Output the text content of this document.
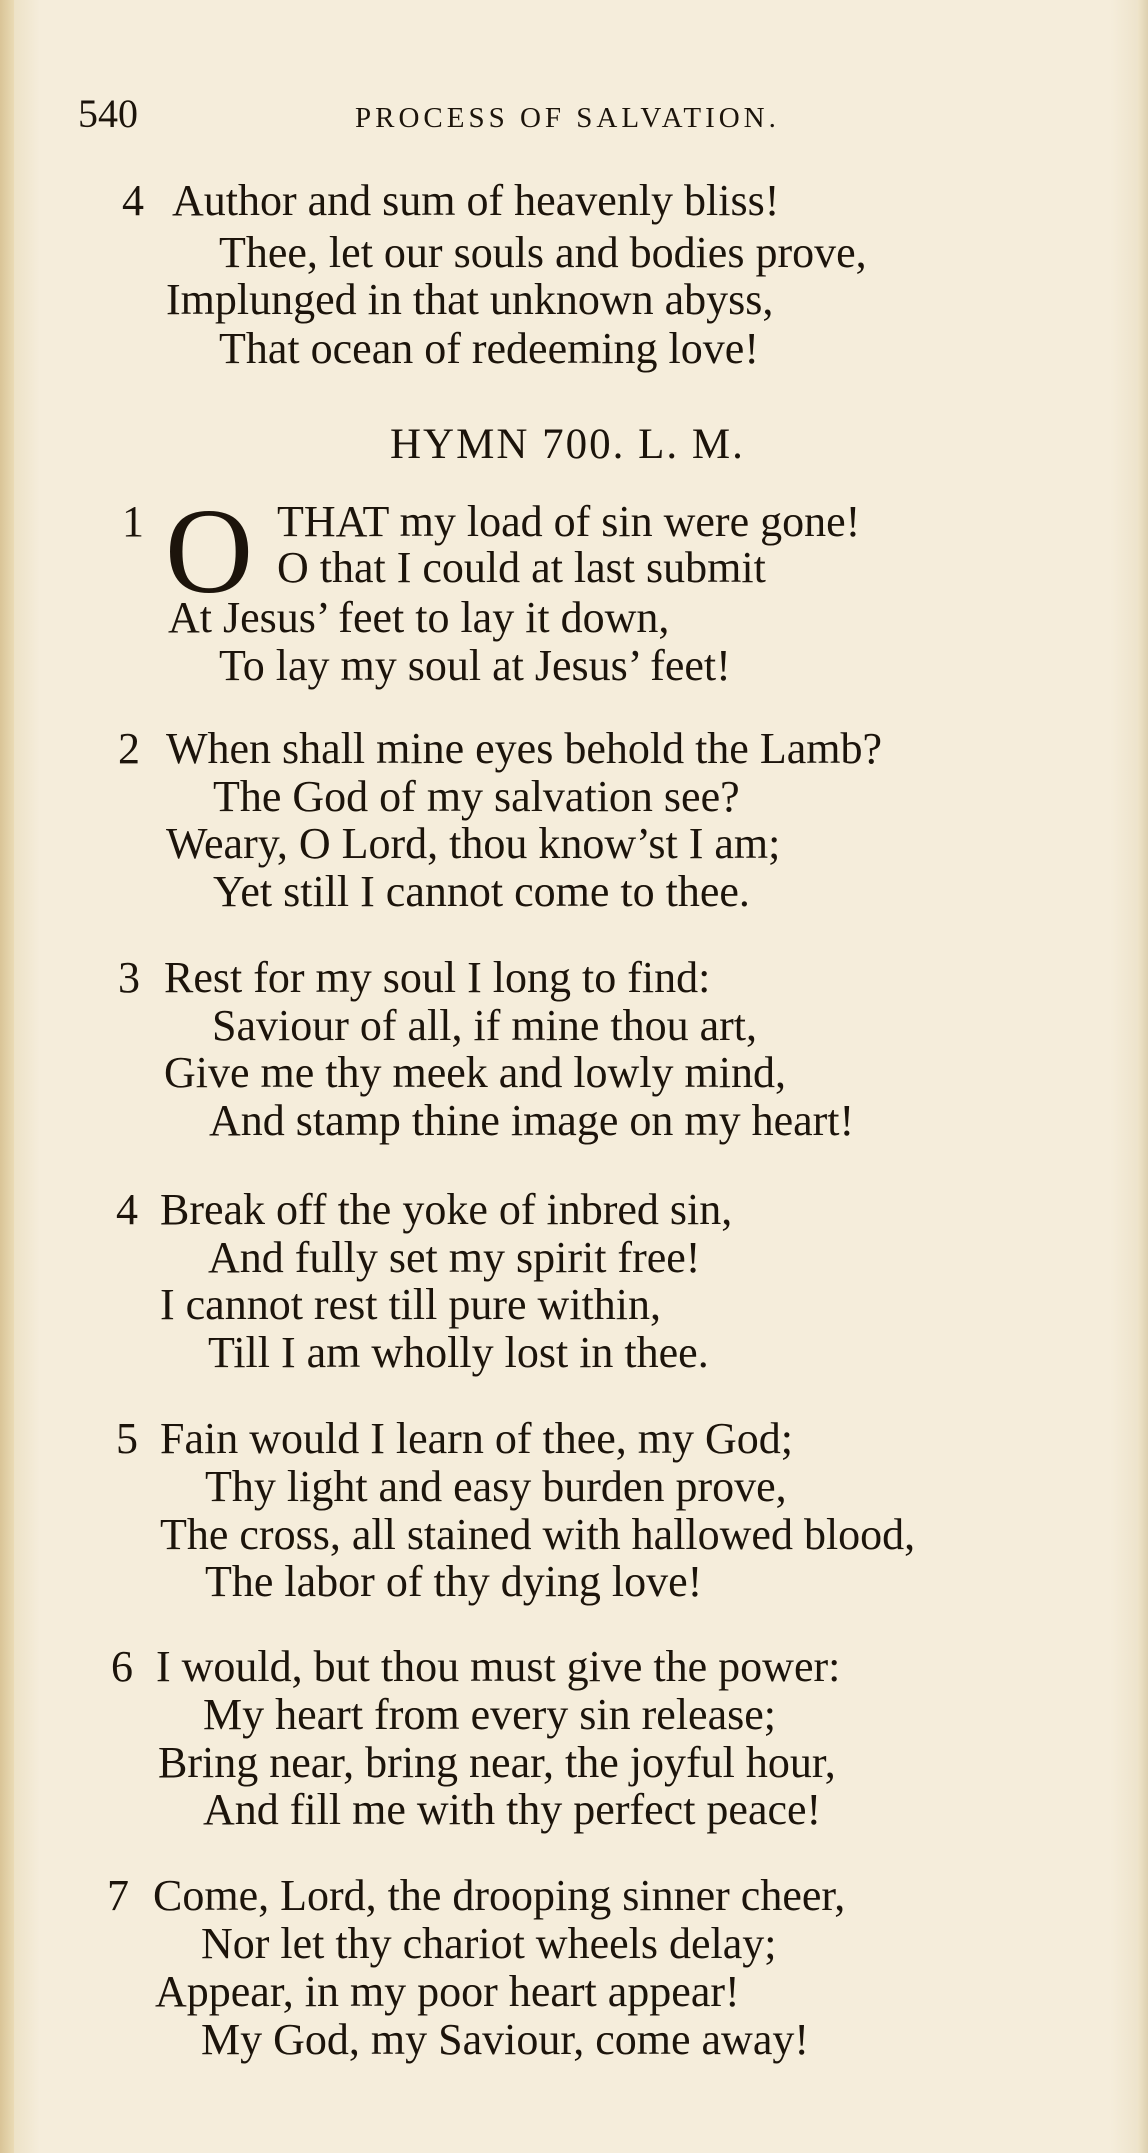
540	PROCESS OF SALVATION.
4 Author and sum of heavenly bliss!
Thee, let our souls and bodies prove,
Implunged in that unknown abyss,
That ocean of redeeming love!
HYMN 700. L. M.
1 O THAT my load of sin were gone!
O that I could at last submit
At Jesus’ feet to lay it down,
To lay my soul at Jesus’ feet!
2 When shall mine eyes behold the Lamb?
The God of my salvation see?
Weary, O Lord, thou know’st I am;
Yet still I cannot come to thee.
3 Rest for my soul I long to find:
Saviour of all, if mine thou art,
Give me thy meek and lowly mind,
And stamp thine image on my heart!
4 Break off the yoke of inbred sin,
And fully set my spirit free!
I cannot rest till pure within,
Till I am wholly lost in thee.
5 Fain would I learn of thee, my God;
Thy light and easy burden prove,
The cross, all stained with hallowed blood,
The labor of thy dying love!
6 I would, but thou must give the power:
My heart from every sin release;
Bring near, bring near, the joyful hour,
And fill me with thy perfect peace!
7 Come, Lord, the drooping sinner cheer,
Nor let thy chariot wheels delay;
Appear, in my poor heart appear!
My God, my Saviour, come away!
